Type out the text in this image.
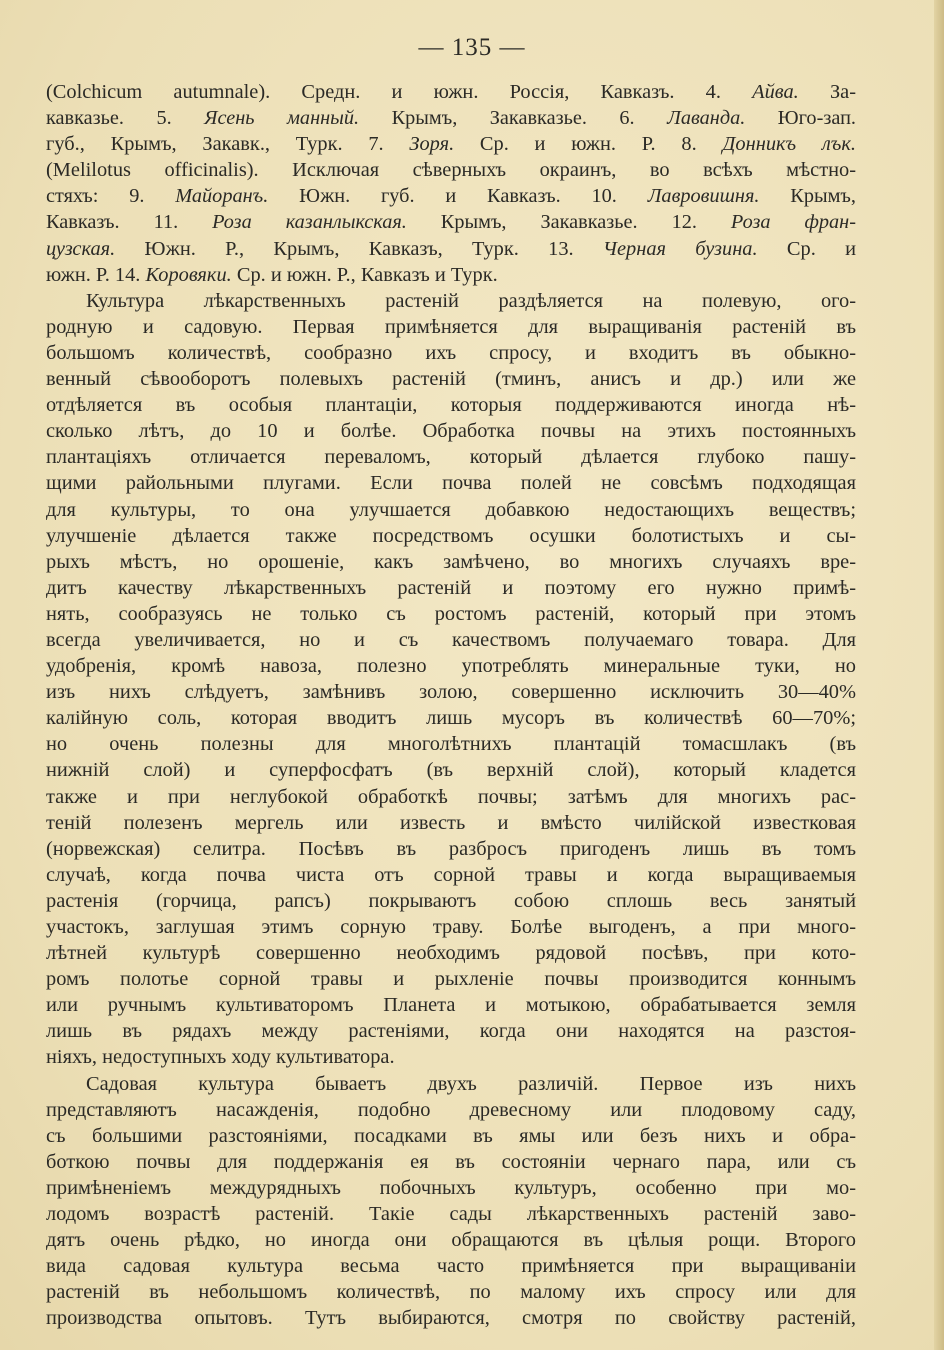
— 135 —
(Colchicum autumnale). Средн. и южн. Россія, Кавказъ. 4. Айва. За-
кавказье. 5. Ясень манный. Крымъ, Закавказье. 6. Лаванда. Юго-зап.
губ., Крымъ, Закавк., Турк. 7. Зоря. Ср. и южн. Р. 8. Донникъ лък.
(Melilotus officinalis). Исключая сѣверныхъ окраинъ, во всѣхъ мѣстно-
стяхъ: 9. Майоранъ. Южн. губ. и Кавказъ. 10. Лавровишня. Крымъ,
Кавказъ. 11. Роза казанлыкская. Крымъ, Закавказье. 12. Роза фран-
цузская. Южн. Р., Крымъ, Кавказъ, Турк. 13. Черная бузина. Ср. и
южн. Р. 14. Коровяки. Ср. и южн. Р., Кавказъ и Турк.
Культура лѣкарственныхъ растеній раздѣляется на полевую, ого-
родную и садовую. Первая примѣняется для выращиванія растеній въ
большомъ количествѣ, сообразно ихъ спросу, и входитъ въ обыкно-
венный сѣвооборотъ полевыхъ растеній (тминъ, анисъ и др.) или же
отдѣляется въ особыя плантаціи, которыя поддерживаются иногда нѣ-
сколько лѣтъ, до 10 и болѣе. Обработка почвы на этихъ постоянныхъ
плантаціяхъ отличается переваломъ, который дѣлается глубоко пашу-
щими райольными плугами. Если почва полей не совсѣмъ подходящая
для культуры, то она улучшается добавкою недостающихъ веществъ;
улучшеніе дѣлается также посредствомъ осушки болотистыхъ и сы-
рыхъ мѣстъ, но орошеніе, какъ замѣчено, во многихъ случаяхъ вре-
дитъ качеству лѣкарственныхъ растеній и поэтому его нужно примѣ-
нять, сообразуясь не только съ ростомъ растеній, который при этомъ
всегда увеличивается, но и съ качествомъ получаемаго товара. Для
удобренія, кромѣ навоза, полезно употреблять минеральные туки, но
изъ нихъ слѣдуетъ, замѣнивъ золою, совершенно исключить 30—40%
калійную соль, которая вводитъ лишь мусоръ въ количествѣ 60—70%;
но очень полезны для многолѣтнихъ плантацій томасшлакъ (въ
нижній слой) и суперфосфатъ (въ верхній слой), который кладется
также и при неглубокой обработкѣ почвы; затѣмъ для многихъ рас-
теній полезенъ мергель или известь и вмѣсто чилійской известковая
(норвежская) селитра. Посѣвъ въ разбросъ пригоденъ лишь въ томъ
случаѣ, когда почва чиста отъ сорной травы и когда выращиваемыя
растенія (горчица, рапсъ) покрываютъ собою сплошь весь занятый
участокъ, заглушая этимъ сорную траву. Болѣе выгоденъ, а при много-
лѣтней культурѣ совершенно необходимъ рядовой посѣвъ, при кото-
ромъ полотье сорной травы и рыхленіе почвы производится коннымъ
или ручнымъ культиваторомъ Планета и мотыкою, обрабатывается земля
лишь въ рядахъ между растеніями, когда они находятся на разстоя-
ніяхъ, недоступныхъ ходу культиватора.
Садовая культура бываетъ двухъ различій. Первое изъ нихъ
представляютъ насажденія, подобно древесному или плодовому саду,
съ большими разстояніями, посадками въ ямы или безъ нихъ и обра-
боткою почвы для поддержанія ея въ состояніи чернаго пара, или съ
примѣненіемъ междурядныхъ побочныхъ культуръ, особенно при мо-
лодомъ возрастѣ растеній. Такіе сады лѣкарственныхъ растеній заво-
дятъ очень рѣдко, но иногда они обращаются въ цѣлыя рощи. Второго
вида садовая культура весьма часто примѣняется при выращиваніи
растеній въ небольшомъ количествѣ, по малому ихъ спросу или для
производства опытовъ. Тутъ выбираются, смотря по свойству растеній,
